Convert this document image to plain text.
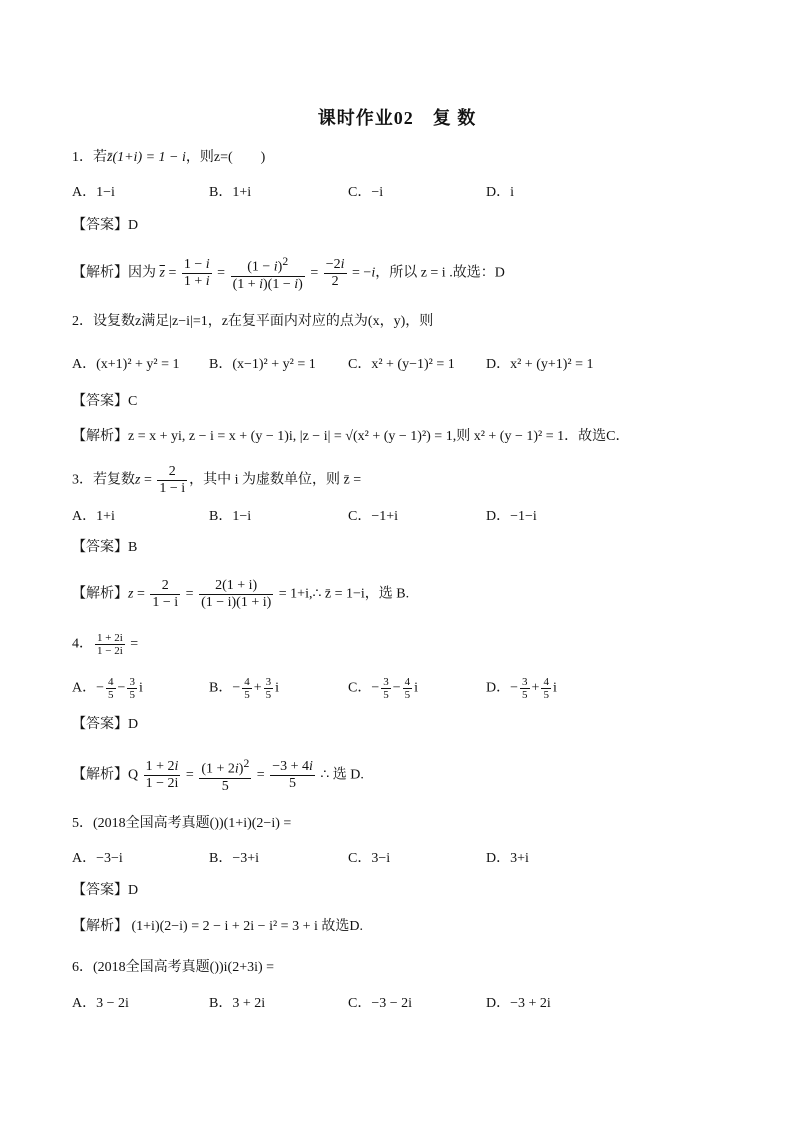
课时作业02　复 数
1．若z̄(1+i) = 1 − i，则z=(　　)
A．1−i	B．1+i	C．−i	D．i
【答案】D
【解析】因为 $\overline{z} = \frac{1 - i}{1 + i} = \frac{(1 - i)^2}{(1 + i)(1 - i)} = \frac{-2i}{2} = -i$，所以 z = i .故选：D
2．设复数z满足|z−i|=1，z在复平面内对应的点为(x，y)，则
A．(x+1)² + y² = 1 B．(x−1)² + y² = 1 C．x² + (y−1)² = 1 D．x² + (y+1)² = 1
【答案】C
【解析】z = x + yi, z − i = x + (y − 1)i, |z − i| = √(x² + (y − 1)²) = 1,则 x² + (y − 1)² = 1．故选C．
3．若复数$z = \frac{2}{1 - i}$ ，其中 i 为虚数单位，则 z̄ =
A．1+i	B．1−i	C．−1+i	D．−1−i
【答案】B
【解析】$z = \frac{2}{1 - i} = \frac{2(1 + i)}{(1 - i)(1 + i)}$ = 1+i,∴ z̄ = 1−i，选 B.
4． $\frac{1 + 2i}{1 - 2i}$ =
A．− $\frac{4}{5} - \frac{3}{5}$ i	B．− $\frac{4}{5} + \frac{3}{5}$ i	C．− $\frac{3}{5} - \frac{4}{5}$ i	D．− $\frac{3}{5} + \frac{4}{5}$ i
【答案】D
【解析】Q $\frac{1 + 2i}{1 - 2i} = \frac{(1 + 2i)^2}{5} = \frac{-3 + 4i}{5}$ ∴ 选 D.
5．(2018全国高考真题())(1+i)(2−i) =
A．−3−i	B．−3+i	C．3−i	D．3+i
【答案】D
【解析】 (1+i)(2−i) = 2 − i + 2i − i² = 3 + i 故选D.
6．(2018全国高考真题())i(2+3i) =
A．3 − 2i	B．3 + 2i	C．−3 − 2i	D．−3 + 2i
